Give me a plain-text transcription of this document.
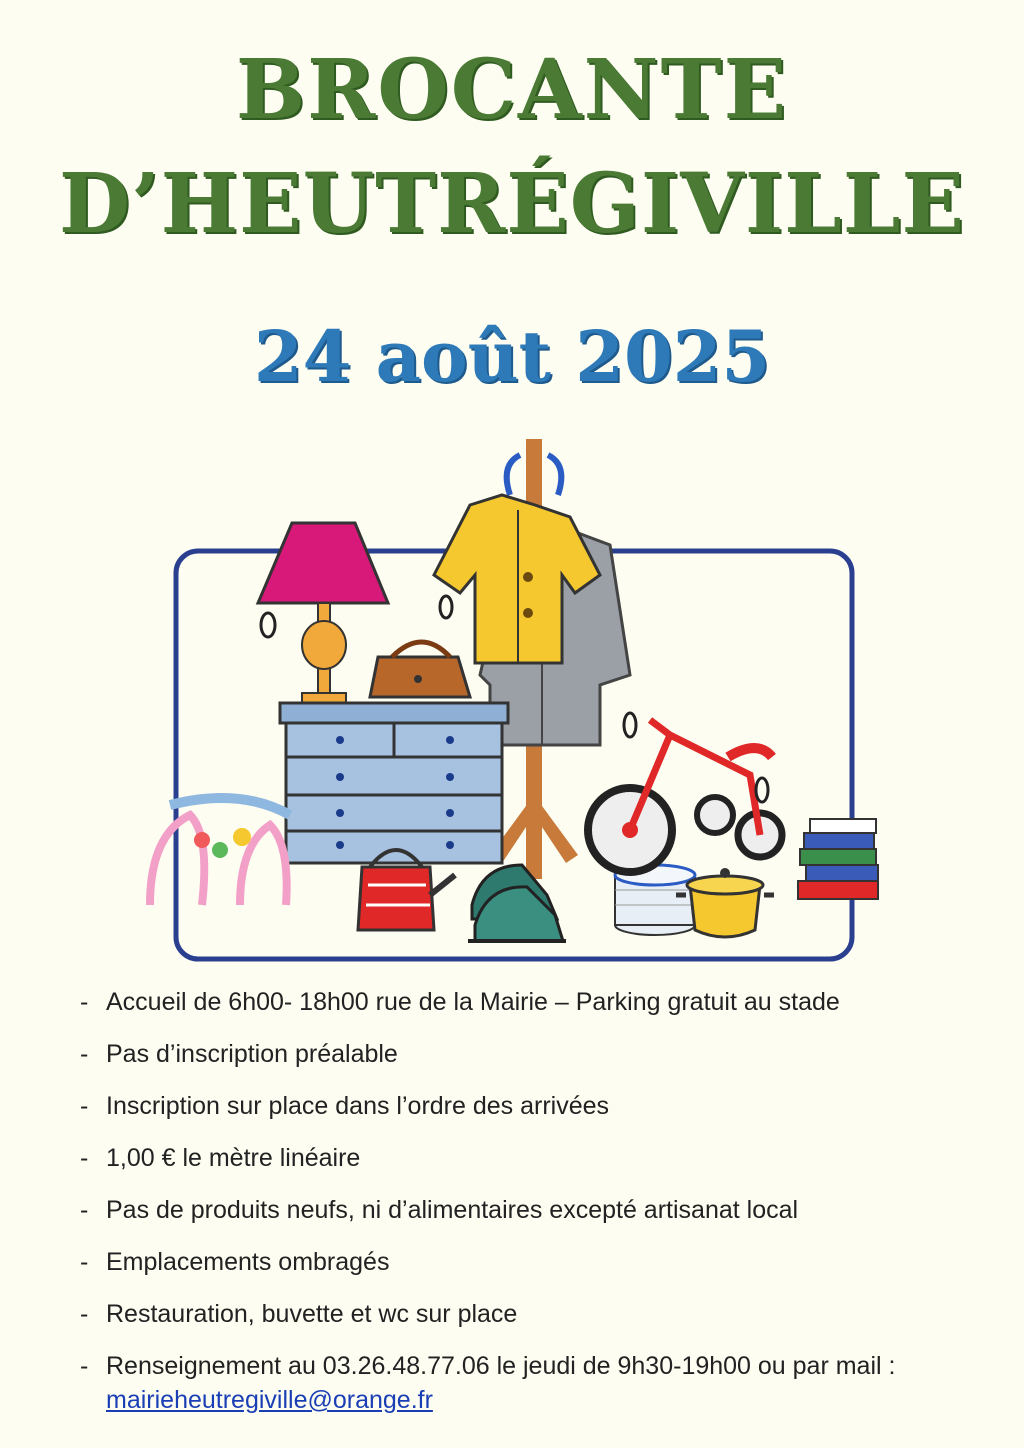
BROCANTE
D’HEUTRÉGIVILLE
24 août 2025
- Accueil de 6h00- 18h00 rue de la Mairie – Parking gratuit au stade
- Pas d’inscription préalable
- Inscription sur place dans l’ordre des arrivées
- 1,00 € le mètre linéaire
- Pas de produits neufs, ni d’alimentaires excepté artisanat local
- Emplacements ombragés
- Restauration, buvette et wc sur place
- Renseignement au 03.26.48.77.06 le jeudi de 9h30-19h00 ou par mail : mairieheutregiville@orange.fr
